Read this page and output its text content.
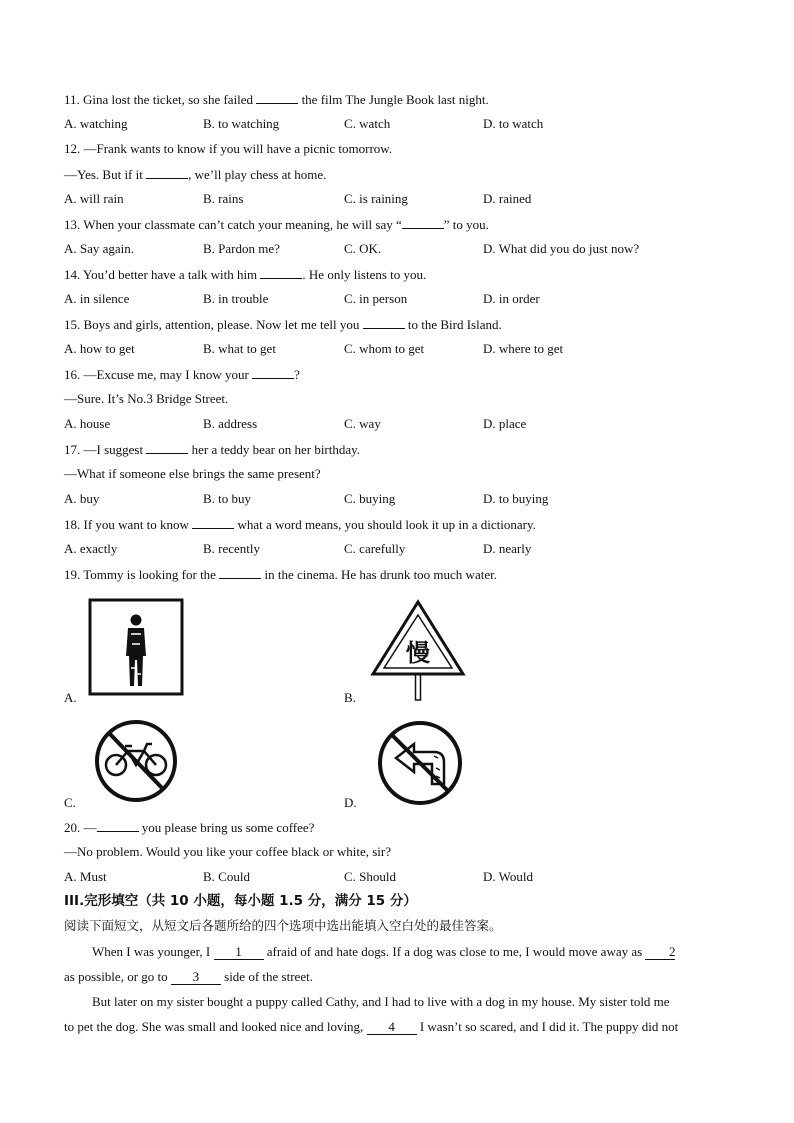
11. Gina lost the ticket, so she failed	the film The Jungle Book last night.
A. watching	B. to watching	C. watch	D. to watch
12. —Frank wants to know if you will have a picnic tomorrow.
—Yes. But if it	, we’ll play chess at home.
A. will rain	B. rains	C. is raining	D. rained
13. When your classmate can’t catch your meaning, he will say “	” to you.
A. Say again.	B. Pardon me?	C. OK.	D. What did you do just now?
14. You’d better have a talk with him	. He only listens to you.
A. in silence	B. in trouble	C. in person	D. in order
15. Boys and girls, attention, please. Now let me tell you	to the Bird Island.
A. how to get	B. what to get	C. whom to get	D. where to get
16. —Excuse me, may I know your	?
—Sure. It’s No.3 Bridge Street.
A. house	B. address	C. way	D. place
17. —I suggest	her a teddy bear on her birthday.
—What if someone else brings the same present?
A. buy	B. to buy	C. buying	D. to buying
18. If you want to know	what a word means, you should look it up in a dictionary.
A. exactly	B. recently	C. carefully	D. nearly
19. Tommy is looking for the	in the cinema. He has drunk too much water.
A.
慢
B.
C.	D.
20. —	you please bring us some coffee?
—No problem. Would you like your coffee black or white, sir?
A. Must	B. Could	C. Should	D. Would
III.完形填空（共 10 小题，每小题 1.5 分，满分 15 分）
阅读下面短文，从短文后各题所给的四个选项中选出能填入空白处的最佳答案。
When I was younger, I 1 afraid of and hate dogs. If a dog was close to me, I would move away as 2
as possible, or go to 3 side of the street.
But later on my sister bought a puppy called Cathy, and I had to live with a dog in my house. My sister told me
to pet the dog. She was small and looked nice and loving, 4 I wasn’t so scared, and I did it. The puppy did not
